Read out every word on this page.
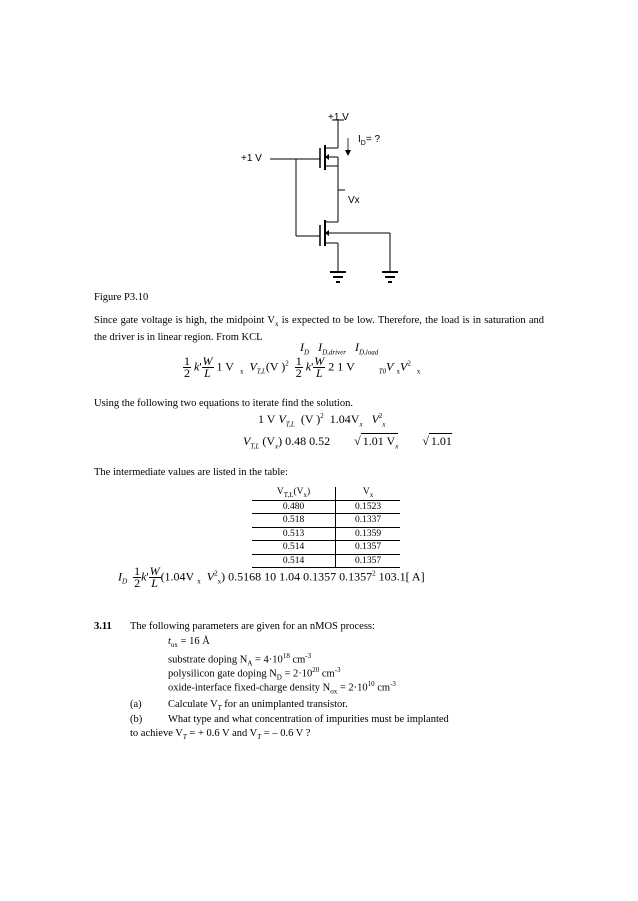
+1 V
+1 V
$I_D=$ ?
Vx
Figure P3.10
Since gate voltage is high, the midpoint $V_x$ is expected to be low. Therefore, the load is in saturation and the driver is in linear region. From KCL
$I_D$ $I_{D,driver}$ $I_{D,load}$
$\frac{1}{2} k' \frac{W}{L} 1$ V $_x$ $V_{T,L}(V$ )$^2 \frac{1}{2} k' \frac{W}{L} 2$ 1 V	$_{T0}$V $_xV^2$  $_x$
Using the following two equations to iterate find the solution.
1 V $V_{T,L}$ (V )$^2$ $1.04V_x$ $V^2_x$
$V_{T,L}$ $(V_x)$ 0.48 0.52        √ 1.01 $V_x$        √ 1.01
The intermediate values are listed in the table:
$V_{T,L}(V_x)$	$V_x$
0.480	0.1523
0.518	0.1337
0.513	0.1359
0.514	0.1357
0.514	0.1357
$I_D \frac{1}{2} k' \frac{W}{L} (1.04V$ $_x$  $V^2_x$) 0.5168 10 1.04 0.1357 0.1357$^2$ 103.1[ A]
3.11 The following parameters are given for an nMOS process:
$t_{ox} = 16$ Å
substrate doping $N_A = 4\cdot 10^{18}$ $cm^{-3}$
polysilicon gate doping $N_D = 2\cdot 10^{20}$ $cm^{-3}$
oxide-interface fixed-charge density $N_{ox} = 2\cdot 10^{10}$ $cm^{-3}$
(a)	Calculate $V_T$ for an unimplanted transistor.
(b) What type and what concentration of impurities must be implanted
to achieve $V_T$ = + 0.6 V and $V_T$ = – 0.6 V ?
